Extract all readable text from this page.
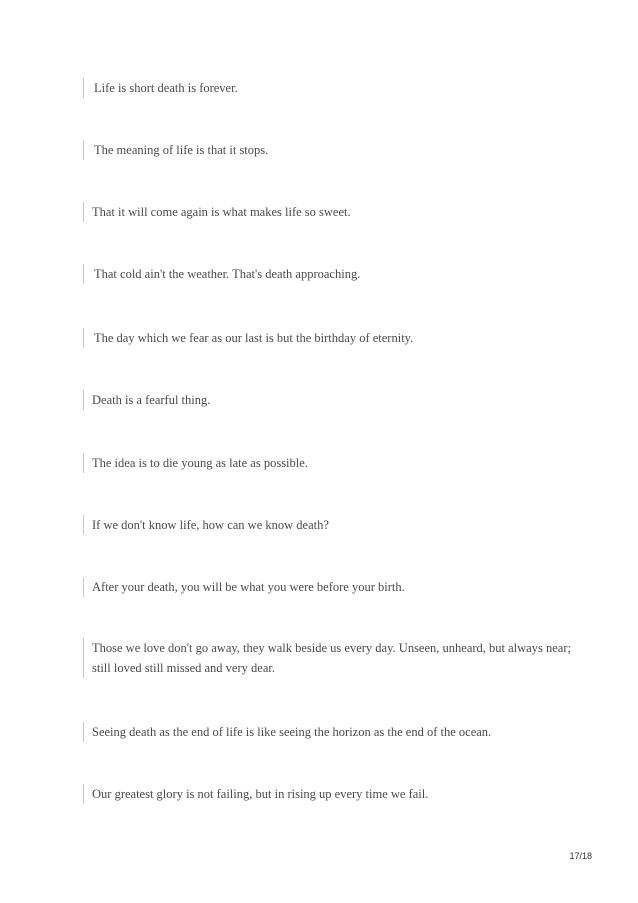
Life is short death is forever.
The meaning of life is that it stops.
That it will come again is what makes life so sweet.
That cold ain't the weather. That's death approaching.
The day which we fear as our last is but the birthday of eternity.
Death is a fearful thing.
The idea is to die young as late as possible.
If we don't know life, how can we know death?
After your death, you will be what you were before your birth.
Those we love don't go away, they walk beside us every day. Unseen, unheard, but always near; still loved still missed and very dear.
Seeing death as the end of life is like seeing the horizon as the end of the ocean.
Our greatest glory is not failing, but in rising up every time we fail.
17/18
